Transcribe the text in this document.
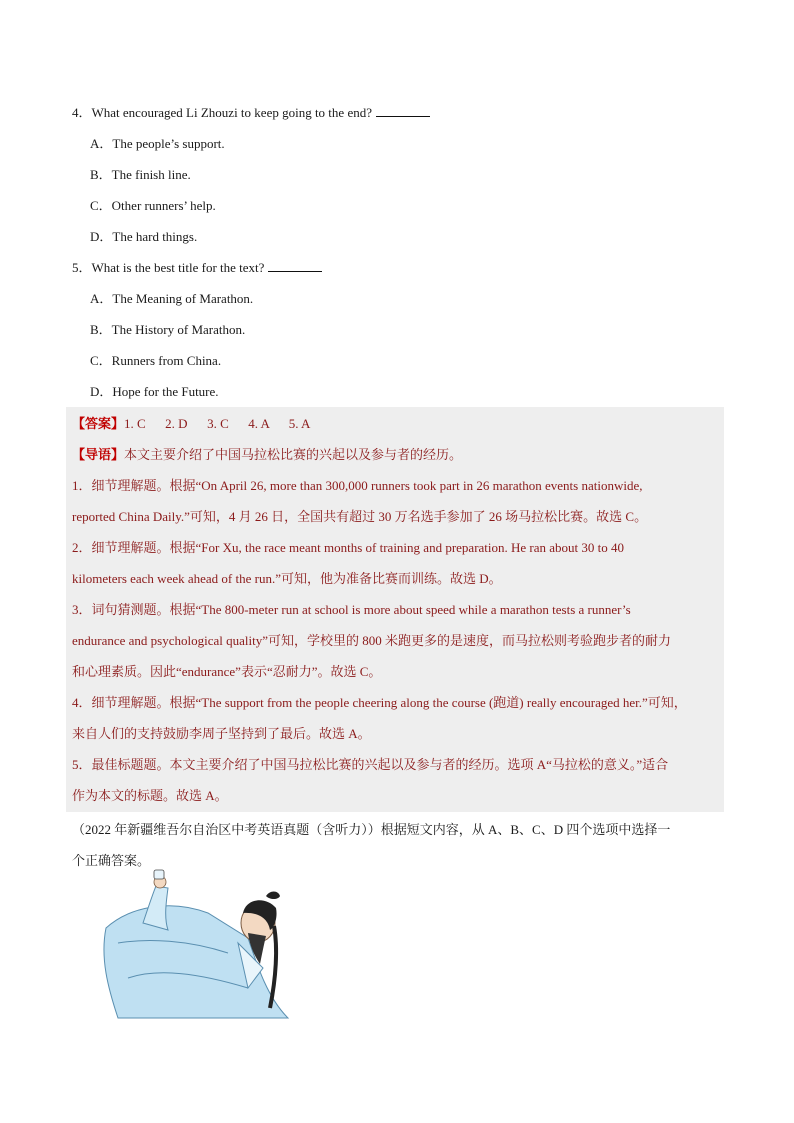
4．What encouraged Li Zhouzi to keep going to the end?
A．The people’s support.
B．The finish line.
C．Other runners’ help.
D．The hard things.
5．What is the best title for the text?
A．The Meaning of Marathon.
B．The History of Marathon.
C．Runners from China.
D．Hope for the Future.
【答案】1. C      2. D      3. C      4. A      5. A
【导语】本文主要介绍了中国马拉松比赛的兴起以及参与者的经历。
1．细节理解题。根据“On April 26, more than 300,000 runners took part in 26 marathon events nationwide,
reported China Daily.”可知，4 月 26 日，全国共有超过 30 万名选手参加了 26 场马拉松比赛。故选 C。
2．细节理解题。根据“For Xu, the race meant months of training and preparation. He ran about 30 to 40
kilometers each week ahead of the run.”可知，他为准备比赛而训练。故选 D。
3．词句猜测题。根据“The 800-meter run at school is more about speed while a marathon tests a runner’s
endurance and psychological quality”可知，学校里的 800 米跑更多的是速度，而马拉松则考验跑步者的耐力
和心理素质。因此“endurance”表示“忍耐力”。故选 C。
4．细节理解题。根据“The support from the people cheering along the course (跑道) really encouraged her.”可知，
来自人们的支持鼓励李周子坚持到了最后。故选 A。
5．最佳标题题。本文主要介绍了中国马拉松比赛的兴起以及参与者的经历。选项 A“马拉松的意义。”适合
作为本文的标题。故选 A。
（2022 年新疆维吾尔自治区中考英语真题（含听力））根据短文内容，从 A、B、C、D 四个选项中选择一
个正确答案。
